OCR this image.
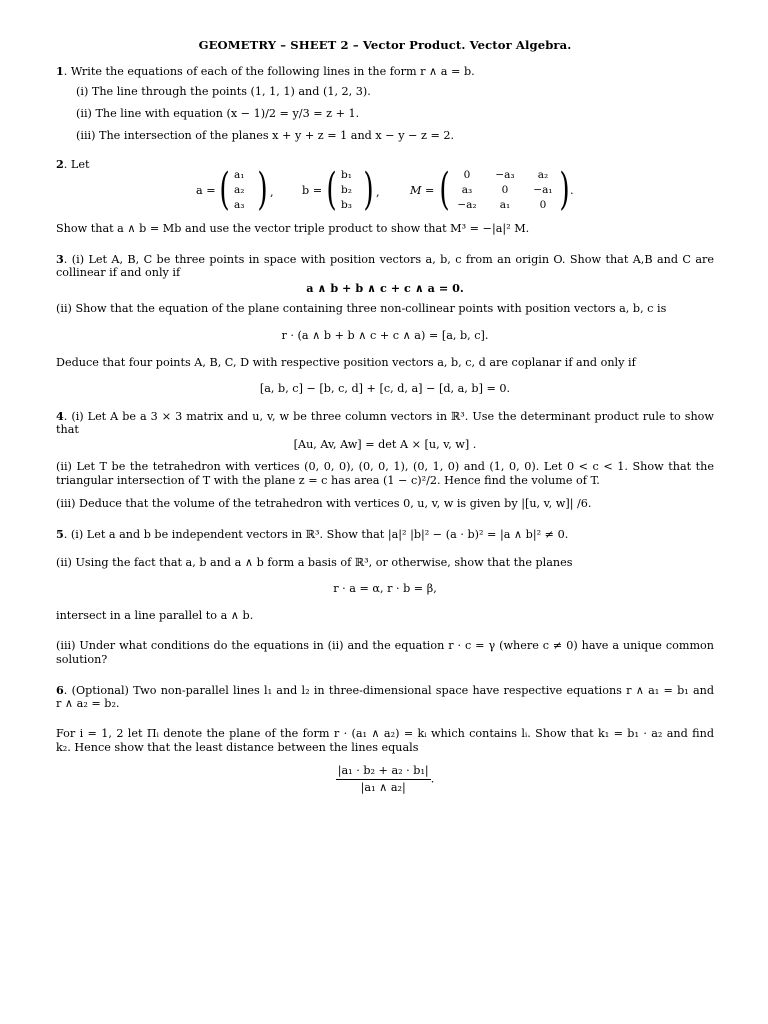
GEOMETRY – SHEET 2 – Vector Product. Vector Algebra.
1. Write the equations of each of the following lines in the form r ∧ a = b.
(i) The line through the points (1, 1, 1) and (1, 2, 3).
(ii) The line with equation (x − 1)/2 = y/3 = z + 1.
(iii) The intersection of the planes x + y + z = 1 and x − y − z = 2.
2. Let
a = ( a₁
a₂
a₃ ) ,	b = ( b₁
b₂
b₃ ) ,	M = ( 0	−a₃	a₂
a₃	0	−a₁
−a₂	a₁	0 ) .
Show that a ∧ b = Mb and use the vector triple product to show that M³ = −|a|² M.
3. (i) Let A, B, C be three points in space with position vectors a, b, c from an origin O. Show that A,B and C are
collinear if and only if
a ∧ b + b ∧ c + c ∧ a = 0.
(ii) Show that the equation of the plane containing three non-collinear points with position vectors a, b, c is
r · (a ∧ b + b ∧ c + c ∧ a) = [a, b, c].
Deduce that four points A, B, C, D with respective position vectors a, b, c, d are coplanar if and only if
[a, b, c] − [b, c, d] + [c, d, a] − [d, a, b] = 0.
4. (i) Let A be a 3 × 3 matrix and u, v, w be three column vectors in ℝ³. Use the determinant product rule to show
that
[Au, Av, Aw] = det A × [u, v, w] .
(ii) Let T be the tetrahedron with vertices (0, 0, 0), (0, 0, 1), (0, 1, 0) and (1, 0, 0). Let 0 < c < 1. Show that the
triangular intersection of T with the plane z = c has area (1 − c)²/2. Hence find the volume of T.
(iii) Deduce that the volume of the tetrahedron with vertices 0, u, v, w is given by |[u, v, w]| /6.
5. (i) Let a and b be independent vectors in ℝ³. Show that |a|² |b|² − (a · b)² = |a ∧ b|² ≠ 0.
(ii) Using the fact that a, b and a ∧ b form a basis of ℝ³, or otherwise, show that the planes
r · a = α, r · b = β,
intersect in a line parallel to a ∧ b.
(iii) Under what conditions do the equations in (ii) and the equation r · c = γ (where c ≠ 0) have a unique common
solution?
6. (Optional) Two non-parallel lines l₁ and l₂ in three-dimensional space have respective equations r ∧ a₁ = b₁ and
r ∧ a₂ = b₂.
For i = 1, 2 let Πᵢ denote the plane of the form r · (a₁ ∧ a₂) = kᵢ which contains lᵢ. Show that k₁ = b₁ · a₂ and find
k₂. Hence show that the least distance between the lines equals
$\frac{\text{|a₁ · b₂ + a₂ · b₁|}}{\text{|a₁ ∧ a₂|}}$ .
